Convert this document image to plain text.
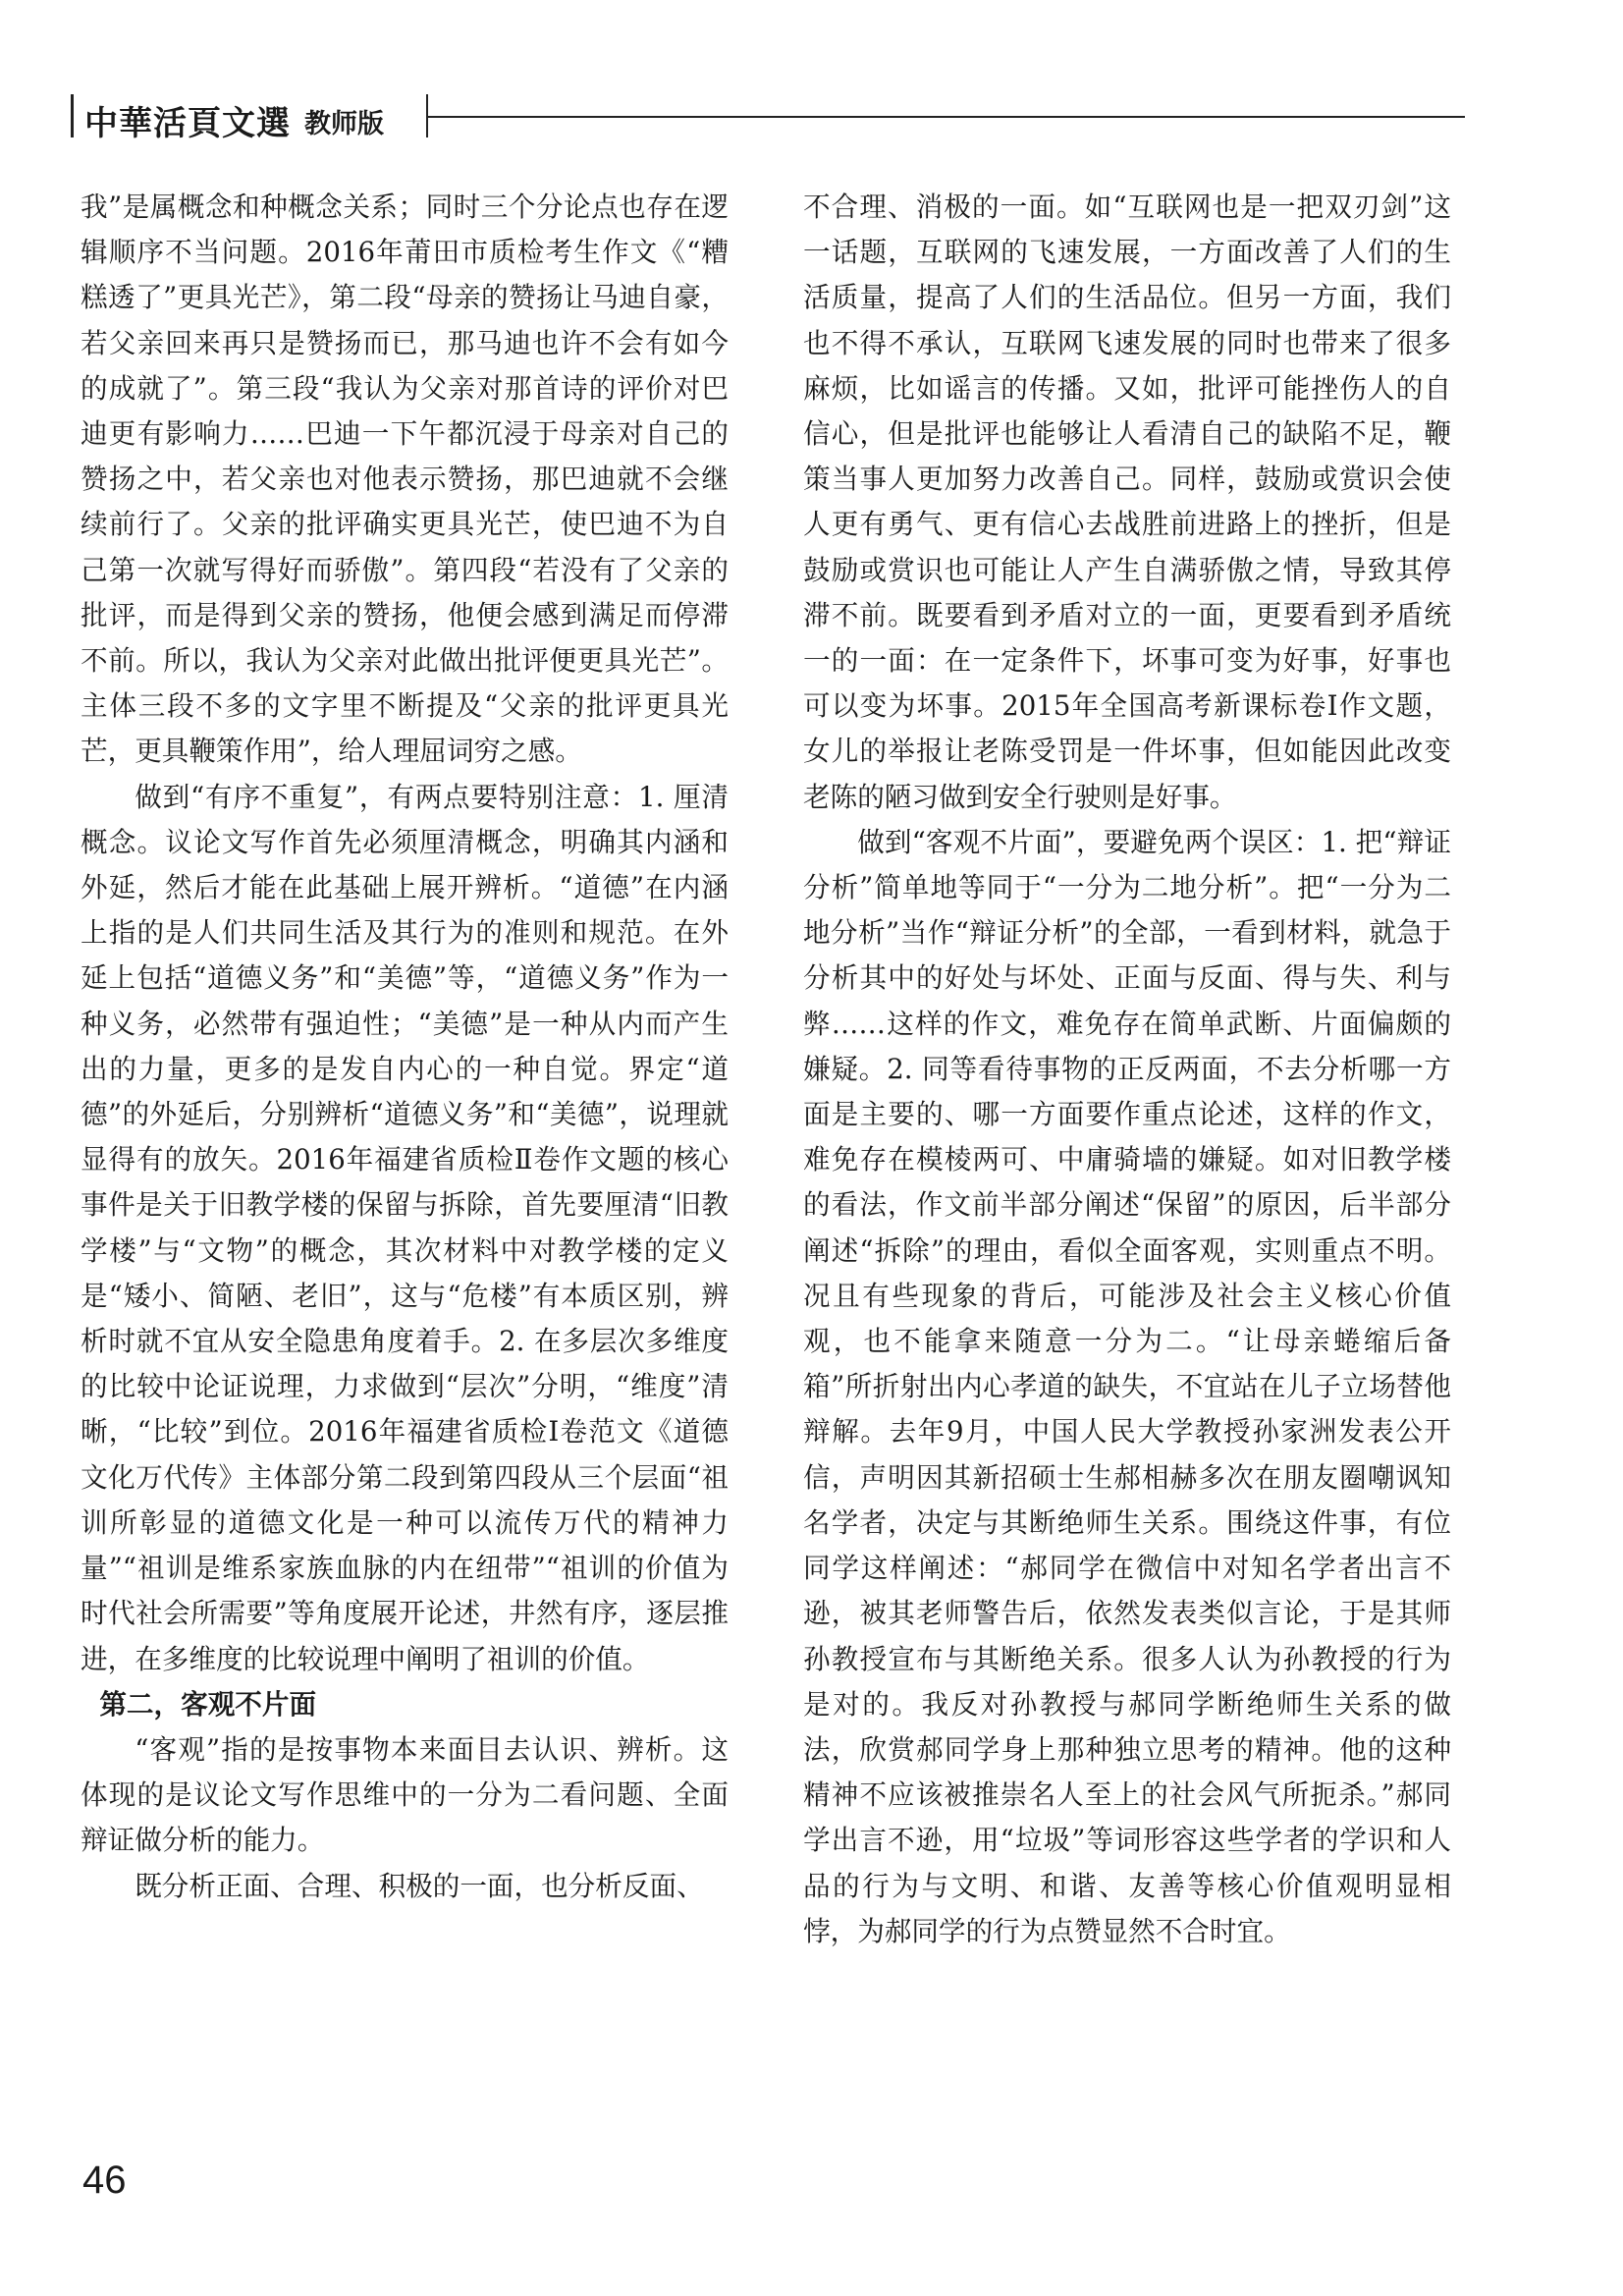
中華活頁文選 教师版

我”是属概念和种概念关系；同时三个分论点也存在逻辑顺序不当问题。2016年莆田市质检考生作文《“糟糕透了”更具光芒》，第二段“母亲的赞扬让马迪自豪，若父亲回来再只是赞扬而已，那马迪也许不会有如今的成就了”。第三段“我认为父亲对那首诗的评价对巴迪更有影响力……巴迪一下午都沉浸于母亲对自己的赞扬之中，若父亲也对他表示赞扬，那巴迪就不会继续前行了。父亲的批评确实更具光芒，使巴迪不为自己第一次就写得好而骄傲”。第四段“若没有了父亲的批评，而是得到父亲的赞扬，他便会感到满足而停滞不前。所以，我认为父亲对此做出批评便更具光芒”。主体三段不多的文字里不断提及“父亲的批评更具光芒，更具鞭策作用”，给人理屈词穷之感。

做到“有序不重复”，有两点要特别注意：1. 厘清概念。议论文写作首先必须厘清概念，明确其内涵和外延，然后才能在此基础上展开辨析。“道德”在内涵上指的是人们共同生活及其行为的准则和规范。在外延上包括“道德义务”和“美德”等，“道德义务”作为一种义务，必然带有强迫性；“美德”是一种从内而产生出的力量，更多的是发自内心的一种自觉。界定“道德”的外延后，分别辨析“道德义务”和“美德”，说理就显得有的放矢。2016年福建省质检Ⅱ卷作文题的核心事件是关于旧教学楼的保留与拆除，首先要厘清“旧教学楼”与“文物”的概念，其次材料中对教学楼的定义是“矮小、简陋、老旧”，这与“危楼”有本质区别，辨析时就不宜从安全隐患角度着手。2. 在多层次多维度的比较中论证说理，力求做到“层次”分明，“维度”清晰，“比较”到位。2016年福建省质检Ⅰ卷范文《道德文化万代传》主体部分第二段到第四段从三个层面“祖训所彰显的道德文化是一种可以流传万代的精神力量”“祖训是维系家族血脉的内在纽带”“祖训的价值为时代社会所需要”等角度展开论述，井然有序，逐层推进，在多维度的比较说理中阐明了祖训的价值。

第二，客观不片面

“客观”指的是按事物本来面目去认识、辨析。这体现的是议论文写作思维中的一分为二看问题、全面辩证做分析的能力。

既分析正面、合理、积极的一面，也分析反面、

不合理、消极的一面。如“互联网也是一把双刃剑”这一话题，互联网的飞速发展，一方面改善了人们的生活质量，提高了人们的生活品位。但另一方面，我们也不得不承认，互联网飞速发展的同时也带来了很多麻烦，比如谣言的传播。又如，批评可能挫伤人的自信心，但是批评也能够让人看清自己的缺陷不足，鞭策当事人更加努力改善自己。同样，鼓励或赏识会使人更有勇气、更有信心去战胜前进路上的挫折，但是鼓励或赏识也可能让人产生自满骄傲之情，导致其停滞不前。既要看到矛盾对立的一面，更要看到矛盾统一的一面：在一定条件下，坏事可变为好事，好事也可以变为坏事。2015年全国高考新课标卷Ⅰ作文题，女儿的举报让老陈受罚是一件坏事，但如能因此改变老陈的陋习做到安全行驶则是好事。

做到“客观不片面”，要避免两个误区：1. 把“辩证分析”简单地等同于“一分为二地分析”。把“一分为二地分析”当作“辩证分析”的全部，一看到材料，就急于分析其中的好处与坏处、正面与反面、得与失、利与弊……这样的作文，难免存在简单武断、片面偏颇的嫌疑。2. 同等看待事物的正反两面，不去分析哪一方面是主要的、哪一方面要作重点论述，这样的作文，难免存在模棱两可、中庸骑墙的嫌疑。如对旧教学楼的看法，作文前半部分阐述“保留”的原因，后半部分阐述“拆除”的理由，看似全面客观，实则重点不明。况且有些现象的背后，可能涉及社会主义核心价值观，也不能拿来随意一分为二。“让母亲蜷缩后备箱”所折射出内心孝道的缺失，不宜站在儿子立场替他辩解。去年9月，中国人民大学教授孙家洲发表公开信，声明因其新招硕士生郝相赫多次在朋友圈嘲讽知名学者，决定与其断绝师生关系。围绕这件事，有位同学这样阐述：“郝同学在微信中对知名学者出言不逊，被其老师警告后，依然发表类似言论，于是其师孙教授宣布与其断绝关系。很多人认为孙教授的行为是对的。我反对孙教授与郝同学断绝师生关系的做法，欣赏郝同学身上那种独立思考的精神。他的这种精神不应该被推崇名人至上的社会风气所扼杀。”郝同学出言不逊，用“垃圾”等词形容这些学者的学识和人品的行为与文明、和谐、友善等核心价值观明显相悖，为郝同学的行为点赞显然不合时宜。

46
